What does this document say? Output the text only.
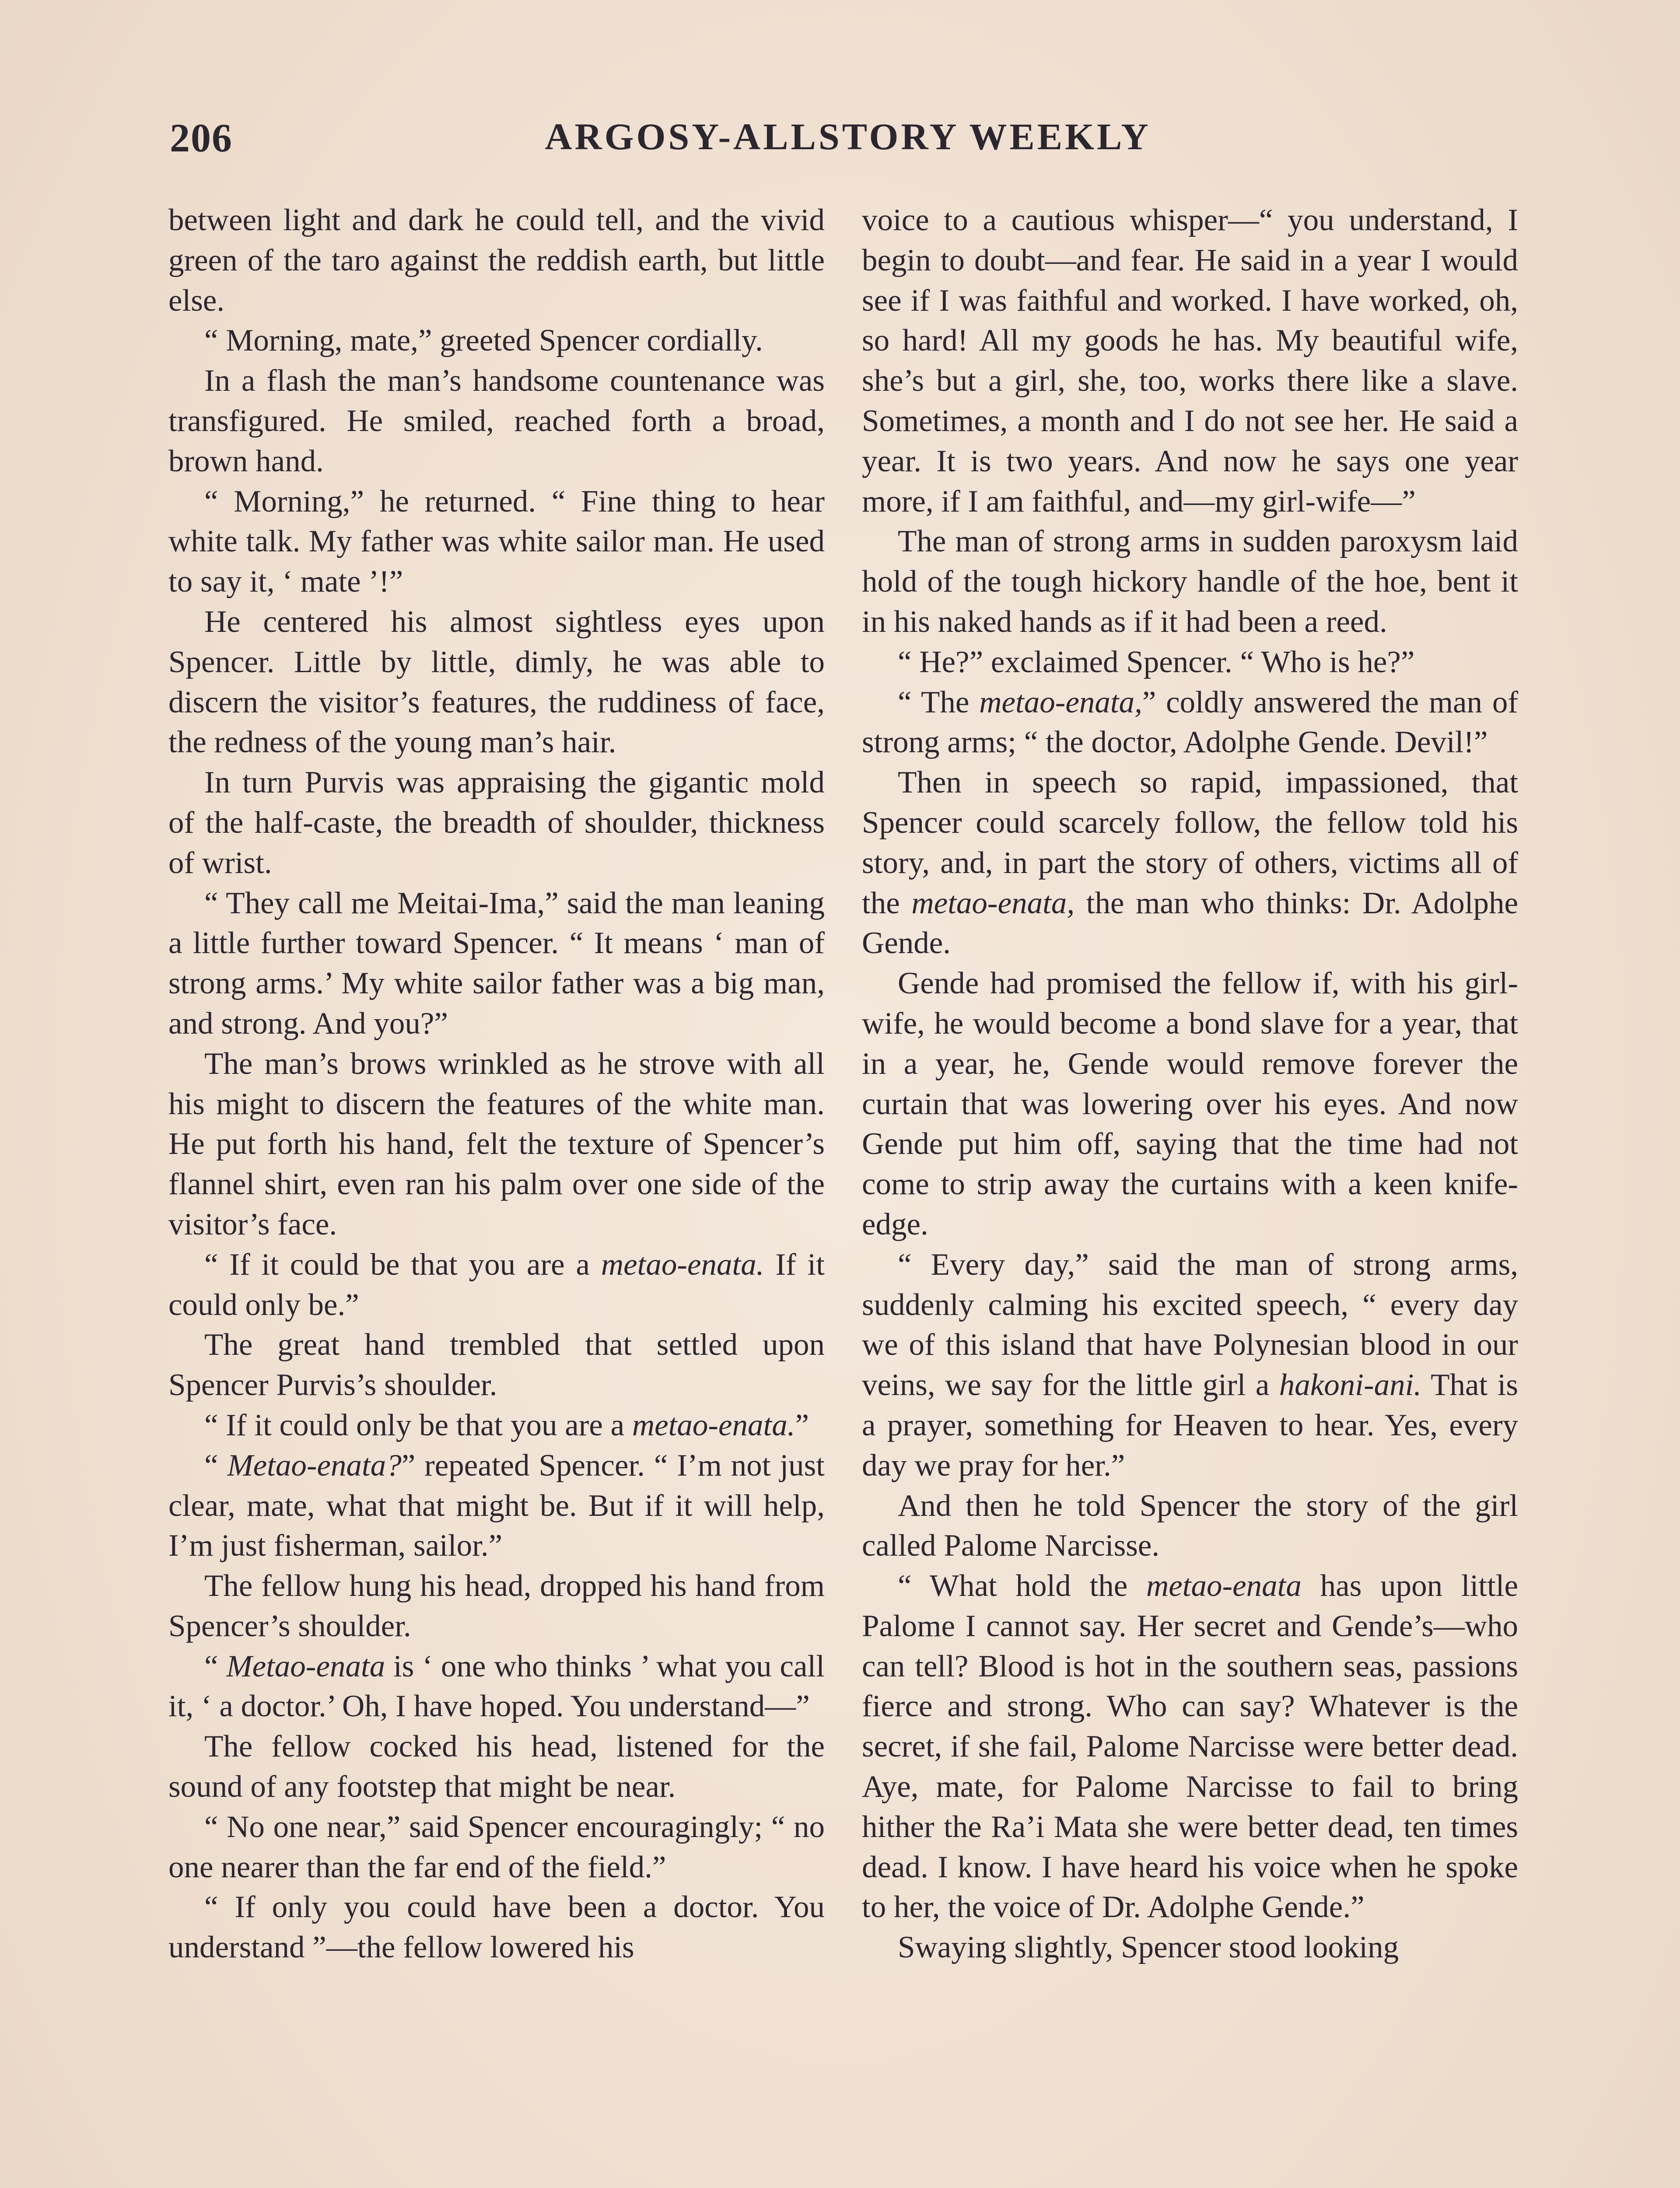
206	ARGOSY-ALLSTORY WEEKLY

between light and dark he could tell, and the vivid green of the taro against the reddish earth, but little else.

“ Morning, mate,” greeted Spencer cordially.

In a flash the man’s handsome countenance was transfigured. He smiled, reached forth a broad, brown hand.

“ Morning,” he returned. “ Fine thing to hear white talk. My father was white sailor man. He used to say it, ‘ mate ’!”

He centered his almost sightless eyes upon Spencer. Little by little, dimly, he was able to discern the visitor’s features, the ruddiness of face, the redness of the young man’s hair.

In turn Purvis was appraising the gigantic mold of the half-caste, the breadth of shoulder, thickness of wrist.

“ They call me Meitai-Ima,” said the man leaning a little further toward Spencer. “ It means ‘ man of strong arms.’ My white sailor father was a big man, and strong. And you?”

The man’s brows wrinkled as he strove with all his might to discern the features of the white man. He put forth his hand, felt the texture of Spencer’s flannel shirt, even ran his palm over one side of the visitor’s face.

“ If it could be that you are a metao-enata. If it could only be.”

The great hand trembled that settled upon Spencer Purvis’s shoulder.

“ If it could only be that you are a metao-enata.”

“ Metao-enata?” repeated Spencer. “ I’m not just clear, mate, what that might be. But if it will help, I’m just fisherman, sailor.”

The fellow hung his head, dropped his hand from Spencer’s shoulder.

“ Metao-enata is ‘ one who thinks ’ what you call it, ‘ a doctor.’ Oh, I have hoped. You understand—”

The fellow cocked his head, listened for the sound of any footstep that might be near.

“ No one near,” said Spencer encouragingly; “ no one nearer than the far end of the field.”

“ If only you could have been a doctor. You understand ”—the fellow lowered his

voice to a cautious whisper—“ you understand, I begin to doubt—and fear. He said in a year I would see if I was faithful and worked. I have worked, oh, so hard! All my goods he has. My beautiful wife, she’s but a girl, she, too, works there like a slave. Sometimes, a month and I do not see her. He said a year. It is two years. And now he says one year more, if I am faithful, and—my girl-wife—”

The man of strong arms in sudden paroxysm laid hold of the tough hickory handle of the hoe, bent it in his naked hands as if it had been a reed.

“ He?” exclaimed Spencer. “ Who is he?”

“ The metao-enata,” coldly answered the man of strong arms; “ the doctor, Adolphe Gende. Devil!”

Then in speech so rapid, impassioned, that Spencer could scarcely follow, the fellow told his story, and, in part the story of others, victims all of the metao-enata, the man who thinks: Dr. Adolphe Gende.

Gende had promised the fellow if, with his girl-wife, he would become a bond slave for a year, that in a year, he, Gende would remove forever the curtain that was lowering over his eyes. And now Gende put him off, saying that the time had not come to strip away the curtains with a keen knife-edge.

“ Every day,” said the man of strong arms, suddenly calming his excited speech, “ every day we of this island that have Polynesian blood in our veins, we say for the little girl a hakoni-ani. That is a prayer, something for Heaven to hear. Yes, every day we pray for her.”

And then he told Spencer the story of the girl called Palome Narcisse.

“ What hold the metao-enata has upon little Palome I cannot say. Her secret and Gende’s—who can tell? Blood is hot in the southern seas, passions fierce and strong. Who can say? Whatever is the secret, if she fail, Palome Narcisse were better dead. Aye, mate, for Palome Narcisse to fail to bring hither the Ra’i Mata she were better dead, ten times dead. I know. I have heard his voice when he spoke to her, the voice of Dr. Adolphe Gende.”

Swaying slightly, Spencer stood looking
